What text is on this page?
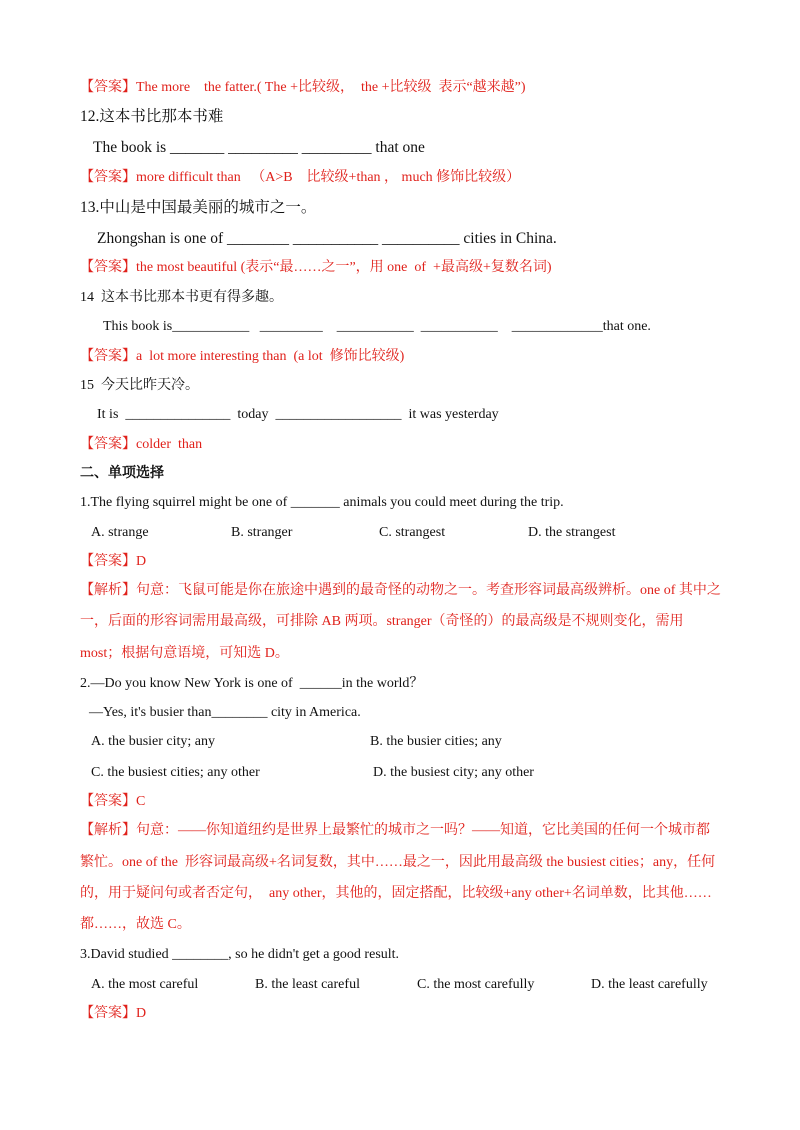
【答案】The more    the fatter.( The +比较级，  the +比较级  表示“越来越”)
12.这本书比那本书难
The book is _______ _________ _________ that one
【答案】more difficult than   （A>B    比较级+than ， much 修饰比较级）
13.中山是中国最美丽的城市之一。
Zhongshan is one of ________ ___________ __________ cities in China.
【答案】the most beautiful (表示“最……之一”，用 one  of  +最高级+复数名词)
14  这本书比那本书更有得多趣。
This book is___________   _________    ___________  ___________    _____________that one.
【答案】a  lot more interesting than  (a lot  修饰比较级)
15  今天比昨天冷。
It is  _______________  today  __________________  it was yesterday
【答案】colder  than
二、单项选择
1.The flying squirrel might be one of _______ animals you could meet during the trip.
A. strange	B. stranger	C. strangest	D. the strangest
【答案】D
【解析】句意：飞鼠可能是你在旅途中遇到的最奇怪的动物之一。考查形容词最高级辨析。one of 其中之
一，后面的形容词需用最高级，可排除 AB 两项。stranger（奇怪的）的最高级是不规则变化，需用
most；根据句意语境，可知选 D。
2.—Do you know New York is one of  ______in the world？
—Yes, it's busier than________ city in America.
A. the busier city; any	B. the busier cities; any
C. the busiest cities; any other	D. the busiest city; any other
【答案】C
【解析】句意：——你知道纽约是世界上最繁忙的城市之一吗？——知道，它比美国的任何一个城市都
繁忙。one of the  形容词最高级+名词复数，其中……最之一，因此用最高级 the busiest cities；any，任何
的，用于疑问句或者否定句，  any other，其他的，固定搭配，比较级+any other+名词单数，比其他……
都……，故选 C。
3.David studied ________, so he didn't get a good result.
A. the most careful	B. the least careful	C. the most carefully	D. the least carefully
【答案】D
